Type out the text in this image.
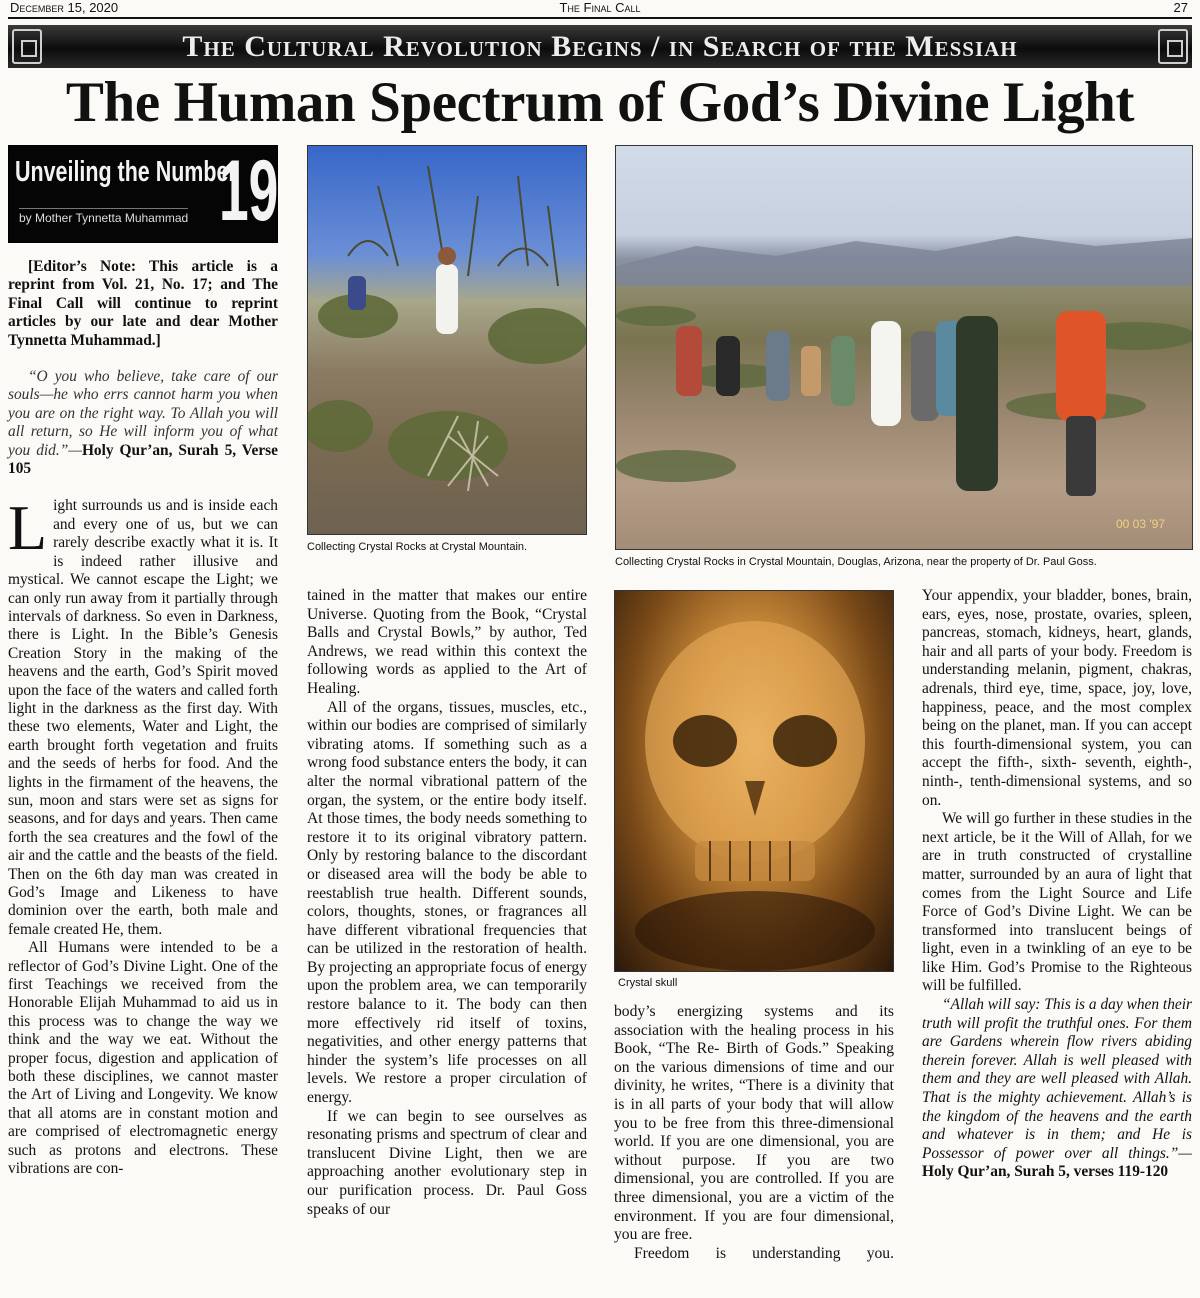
December 15, 2020	The Final Call	27
The Cultural Revolution Begins / in Search of the Messiah
The Human Spectrum of God’s Divine Light
Unveiling the Number
by Mother Tynnetta Muhammad 19

[Editor’s Note: This article is a reprint from Vol. 21, No. 17; and The Final Call will continue to reprint articles by our late and dear Mother Tynnetta Muhammad.]

“O you who believe, take care of our souls—he who errs cannot harm you when you are on the right way. To Allah you will all return, so He will inform you of what you did.”—Holy Qur’an, Surah 5, Verse 105

Light surrounds us and is inside each and every one of us, but we can rarely describe exactly what it is. It is indeed rather illusive and mystical. We cannot escape the Light; we can only run away from it partially through intervals of darkness. So even in Darkness, there is Light. In the Bible’s Genesis Creation Story in the making of the heavens and the earth, God’s Spirit moved upon the face of the waters and called forth light in the darkness as the first day. With these two elements, Water and Light, the earth brought forth vegetation and fruits and the seeds of herbs for food. And the lights in the firmament of the heavens, the sun, moon and stars were set as signs for seasons, and for days and years. Then came forth the sea creatures and the fowl of the air and the cattle and the beasts of the field. Then on the 6th day man was created in God’s Image and Likeness to have dominion over the earth, both male and female created He, them.

All Humans were intended to be a reflector of God’s Divine Light. One of the first Teachings we received from the Honorable Elijah Muhammad to aid us in this process was to change the way we think and the way we eat. Without the proper focus, digestion and application of both these disciplines, we cannot master the Art of Living and Longevity. We know that all atoms are in constant motion and are comprised of electromagnetic energy such as protons and electrons. These vibrations are con-

Collecting Crystal Rocks at Crystal Mountain.
00 03 '97
Collecting Crystal Rocks in Crystal Mountain, Douglas, Arizona, near the property of Dr. Paul Goss.

tained in the matter that makes our entire Universe. Quoting from the Book, “Crystal Balls and Crystal Bowls,” by author, Ted Andrews, we read within this context the following words as applied to the Art of Healing.

All of the organs, tissues, muscles, etc., within our bodies are comprised of similarly vibrating atoms. If something such as a wrong food substance enters the body, it can alter the normal vibrational pattern of the organ, the system, or the entire body itself. At those times, the body needs something to restore it to its original vibratory pattern. Only by restoring balance to the discordant or diseased area will the body be able to reestablish true health. Different sounds, colors, thoughts, stones, or fragrances all have different vibrational frequencies that can be utilized in the restoration of health. By projecting an appropriate focus of energy upon the problem area, we can temporarily restore balance to it. The body can then more effectively rid itself of toxins, negativities, and other energy patterns that hinder the system’s life processes on all levels. We restore a proper circulation of energy.

If we can begin to see ourselves as resonating prisms and spectrum of clear and translucent Divine Light, then we are approaching another evolutionary step in our purification process. Dr. Paul Goss speaks of our

Crystal skull

body’s energizing systems and its association with the healing process in his Book, “The Re- Birth of Gods.” Speaking on the various dimensions of time and our divinity, he writes, “There is a divinity that is in all parts of your body that will allow you to be free from this three-dimensional world. If you are one dimensional, you are without purpose. If you are two dimensional, you are controlled. If you are three dimensional, you are a victim of the environment. If you are four dimensional, you are free.

Freedom is understanding you.

Your appendix, your bladder, bones, brain, ears, eyes, nose, prostate, ovaries, spleen, pancreas, stomach, kidneys, heart, glands, hair and all parts of your body. Freedom is understanding melanin, pigment, chakras, adrenals, third eye, time, space, joy, love, happiness, peace, and the most complex being on the planet, man. If you can accept this fourth-dimensional system, you can accept the fifth-, sixth- seventh, eighth-, ninth-, tenth-dimensional systems, and so on.

We will go further in these studies in the next article, be it the Will of Allah, for we are in truth constructed of crystalline matter, surrounded by an aura of light that comes from the Light Source and Life Force of God’s Divine Light. We can be transformed into translucent beings of light, even in a twinkling of an eye to be like Him. God’s Promise to the Righteous will be fulfilled.

“Allah will say: This is a day when their truth will profit the truthful ones. For them are Gardens wherein flow rivers abiding therein forever. Allah is well pleased with them and they are well pleased with Allah. That is the mighty achievement. Allah’s is the kingdom of the heavens and the earth and whatever is in them; and He is Possessor of power over all things.”—Holy Qur’an, Surah 5, verses 119-120
